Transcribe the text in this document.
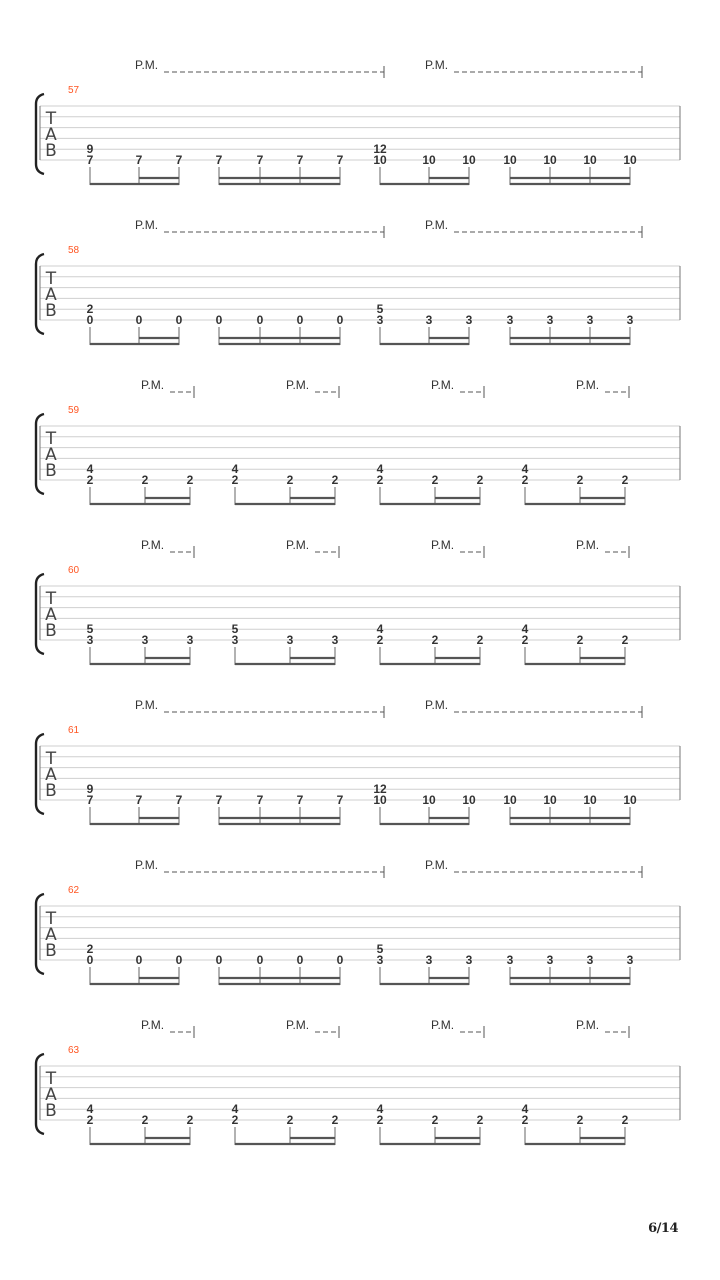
T
A
B
57
P.M.	P.M.
7
9
7	7	7	7	7	7 10
12
10 10 10 10 10 10
T
A
B
58
P.M.	P.M.
0
2
0	0	0	0	0	0	3
5
3	3	3	3	3	3
T
A
B
59
P.M.	P.M.	P.M.	P.M.
2
4
2	2	2
4
2	2	2
4
2	2	2
4
2	2
T
A
B
60
P.M.	P.M.	P.M.	P.M.
3
5
3	3	3
5
3	3	2
4
2	2	2
4
2	2
T
A
B
61
P.M.	P.M.
7
9
7	7	7	7	7	7 10
12
10 10 10 10 10 10
T
A
B
62
P.M.	P.M.
0
2
0	0	0	0	0	0	3
5
3	3	3	3	3	3
T
A
B
63
P.M.	P.M.	P.M.	P.M.
2
4
2	2	2
4
2	2	2
4
2	2	2
4
2	2
6/14
